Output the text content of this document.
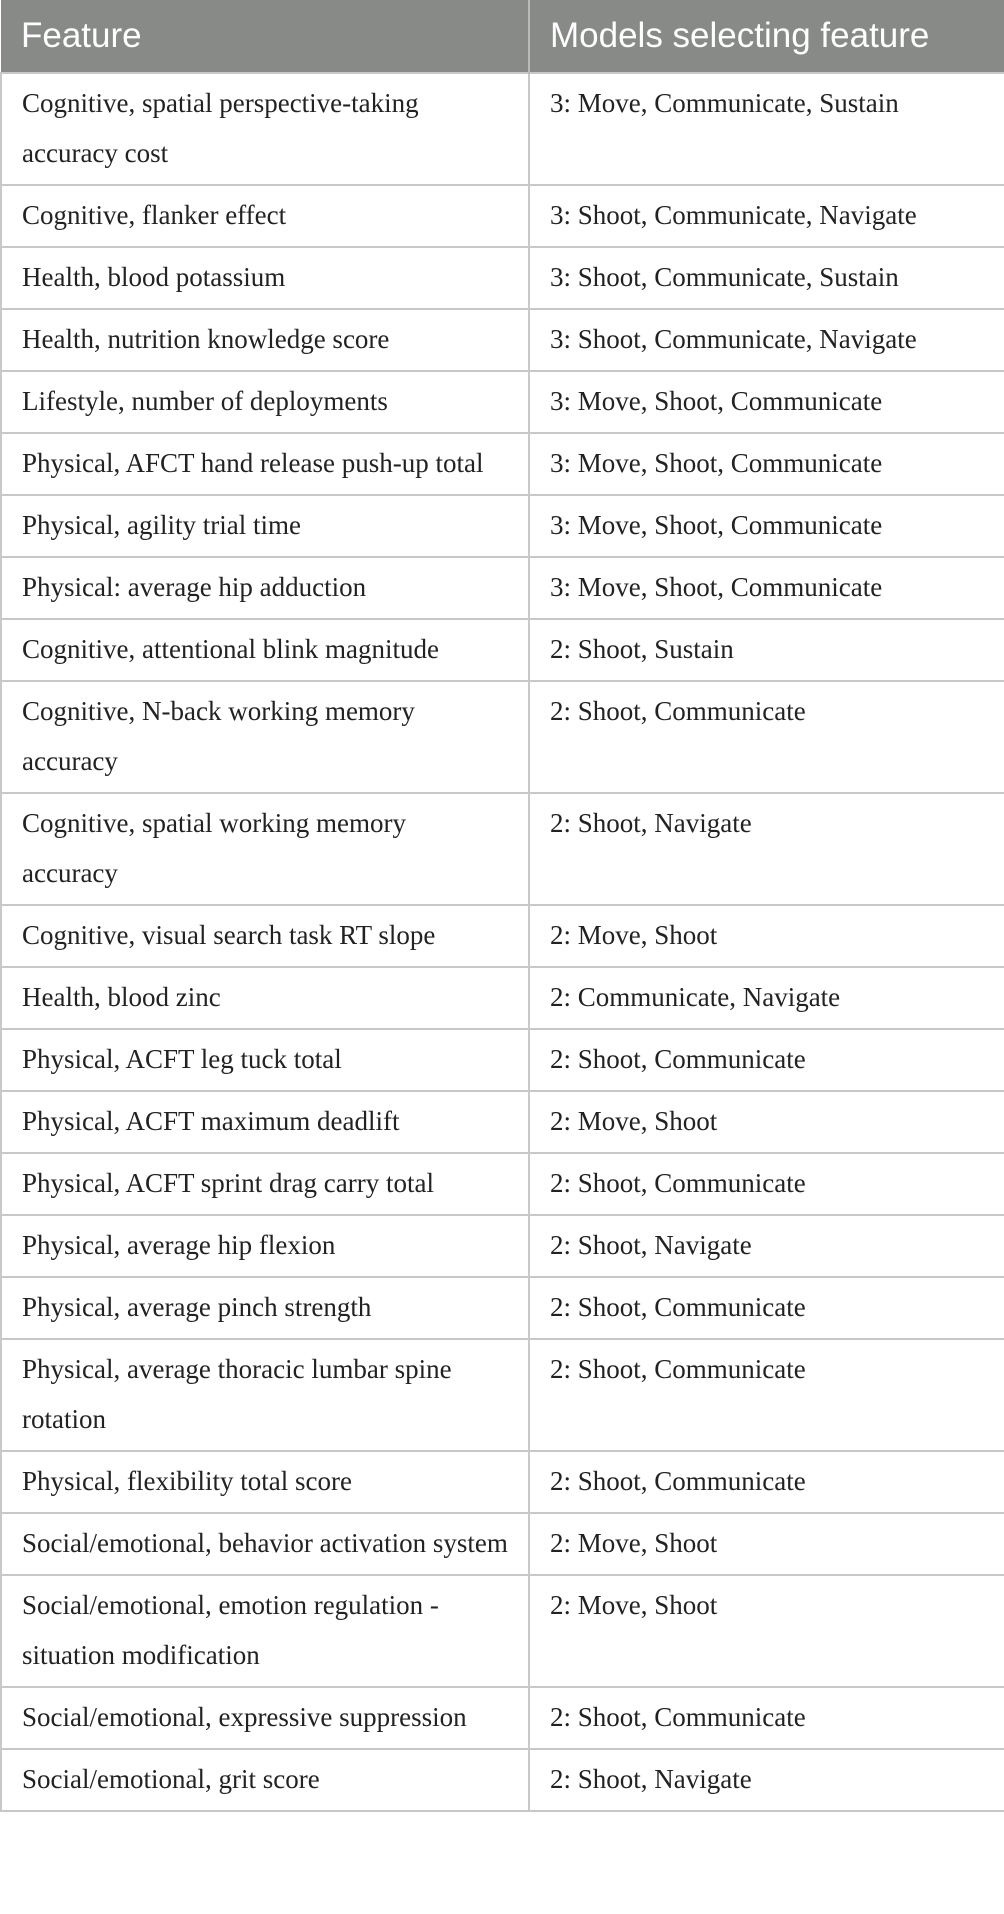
Feature	Models selecting feature
Cognitive, spatial perspective-taking accuracy cost	3: Move, Communicate, Sustain
Cognitive, flanker effect	3: Shoot, Communicate, Navigate
Health, blood potassium	3: Shoot, Communicate, Sustain
Health, nutrition knowledge score	3: Shoot, Communicate, Navigate
Lifestyle, number of deployments	3: Move, Shoot, Communicate
Physical, AFCT hand release push-up total	3: Move, Shoot, Communicate
Physical, agility trial time	3: Move, Shoot, Communicate
Physical: average hip adduction	3: Move, Shoot, Communicate
Cognitive, attentional blink magnitude	2: Shoot, Sustain
Cognitive, N-back working memory accuracy	2: Shoot, Communicate
Cognitive, spatial working memory accuracy	2: Shoot, Navigate
Cognitive, visual search task RT slope	2: Move, Shoot
Health, blood zinc	2: Communicate, Navigate
Physical, ACFT leg tuck total	2: Shoot, Communicate
Physical, ACFT maximum deadlift	2: Move, Shoot
Physical, ACFT sprint drag carry total	2: Shoot, Communicate
Physical, average hip flexion	2: Shoot, Navigate
Physical, average pinch strength	2: Shoot, Communicate
Physical, average thoracic lumbar spine rotation	2: Shoot, Communicate
Physical, flexibility total score	2: Shoot, Communicate
Social/emotional, behavior activation system	2: Move, Shoot
Social/emotional, emotion regulation - situation modification	2: Move, Shoot
Social/emotional, expressive suppression	2: Shoot, Communicate
Social/emotional, grit score	2: Shoot, Navigate
